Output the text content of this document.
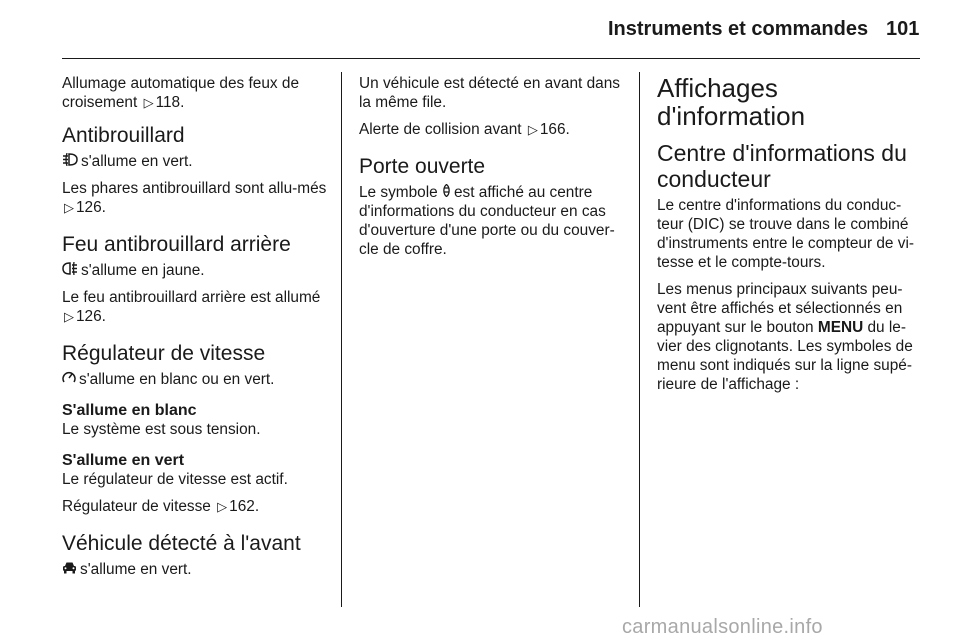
Instruments et commandes 101

Allumage automatique des feux de croisement ▷ 118.

Antibrouillard

s'allume en vert.

Les phares antibrouillard sont allu-més ▷ 126.

Feu antibrouillard arrière

s'allume en jaune.

Le feu antibrouillard arrière est allumé
▷ 126.

Régulateur de vitesse

s'allume en blanc ou en vert.

S'allume en blanc

Le système est sous tension.

S'allume en vert

Le régulateur de vitesse est actif.

Régulateur de vitesse ▷ 162.

Véhicule détecté à l'avant

s'allume en vert.

Un véhicule est détecté en avant dans la même file.

Alerte de collision avant ▷ 166.

Porte ouverte

Le symbole est affiché au centre d'informations du conducteur en cas d'ouverture d'une porte ou du couver-cle de coffre.

Affichages d'information
Centre d'informations du conducteur

Le centre d'informations du conduc-teur (DIC) se trouve dans le combiné d'instruments entre le compteur de vi-tesse et le compte-tours.

Les menus principaux suivants peu-vent être affichés et sélectionnés en appuyant sur le bouton MENU du le-vier des clignotants. Les symboles de menu sont indiqués sur la ligne supé-rieure de l'affichage :

carmanualsonline.info
